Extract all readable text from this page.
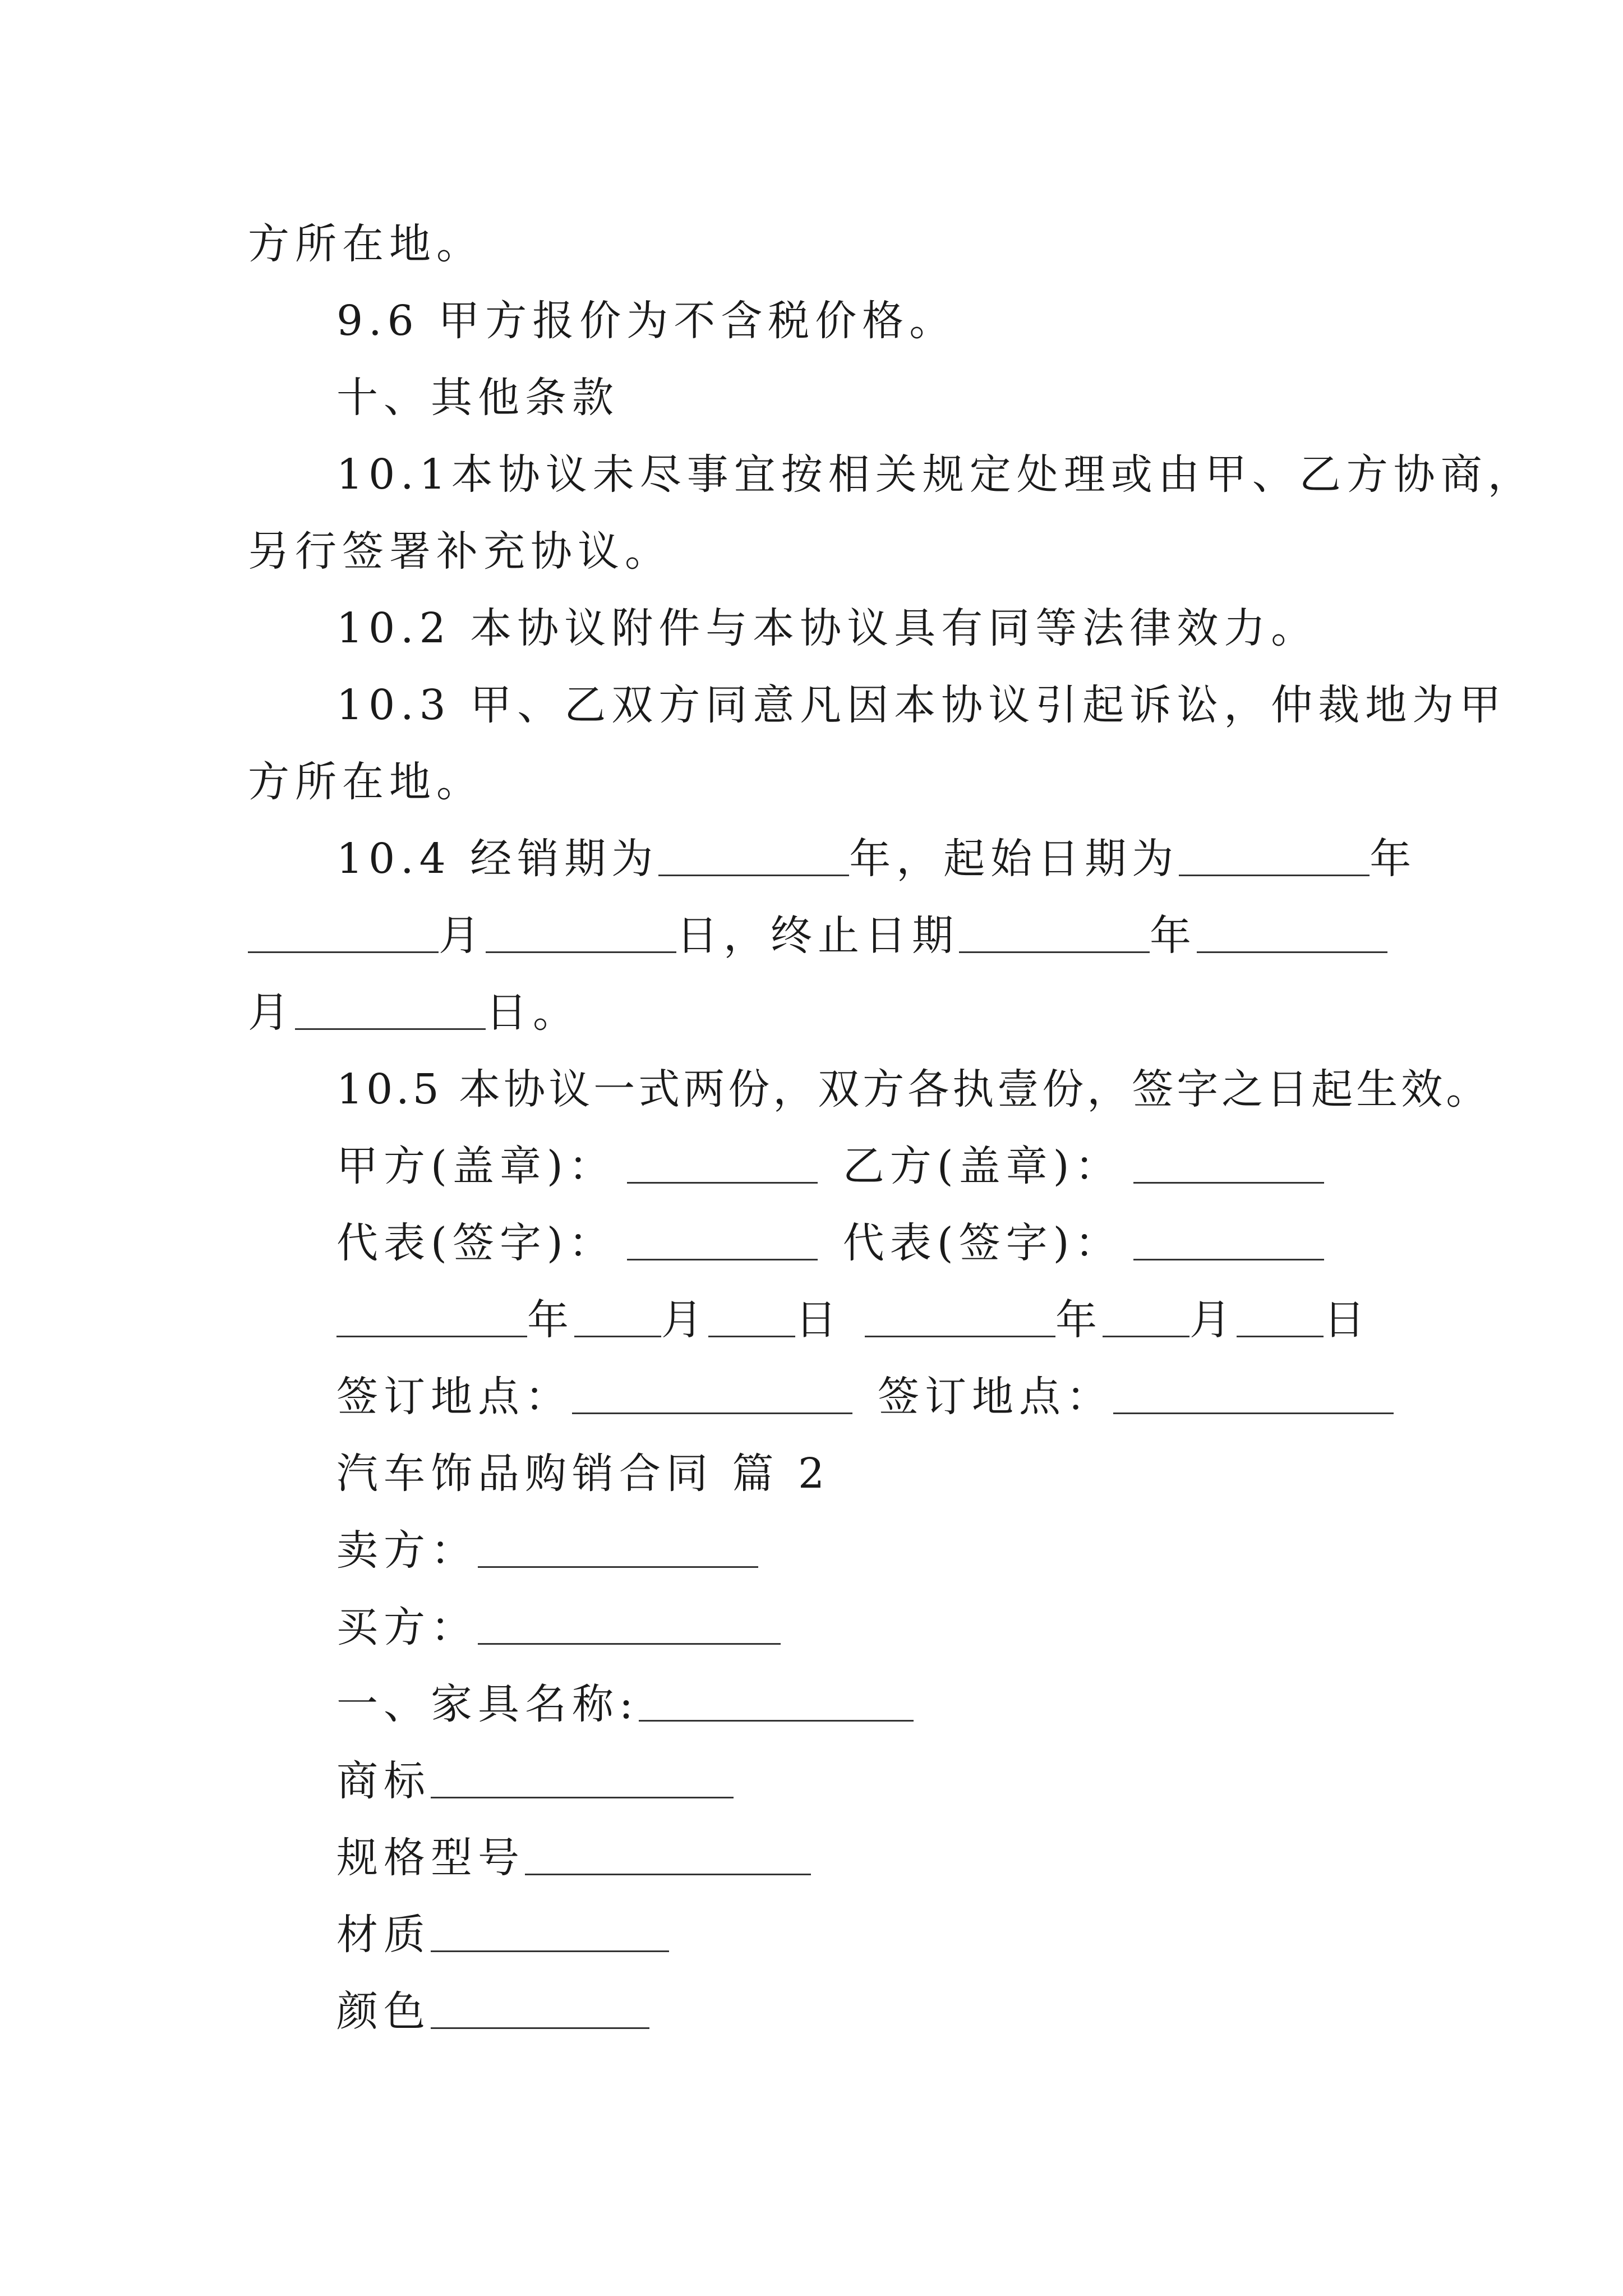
方所在地。
9.6 甲方报价为不含税价格。
十、其他条款
10.1本协议未尽事宜按相关规定处理或由甲、乙方协商，
另行签署补充协议。
10.2 本协议附件与本协议具有同等法律效力。
10.3 甲、乙双方同意凡因本协议引起诉讼，仲裁地为甲
方所在地。
10.4 经销期为	年，起始日期为	年
月	日，终止日期	年
月	日。
10.5 本协议一式两份，双方各执壹份，签字之日起生效。
甲方(盖章)：	乙方(盖章)：
代表(签字)：	代表(签字)：
年 月 日	年 月 日
签订地点：	签订地点：
汽车饰品购销合同 篇 2
卖方：
买方：
一、家具名称:
商标
规格型号
材质
颜色
